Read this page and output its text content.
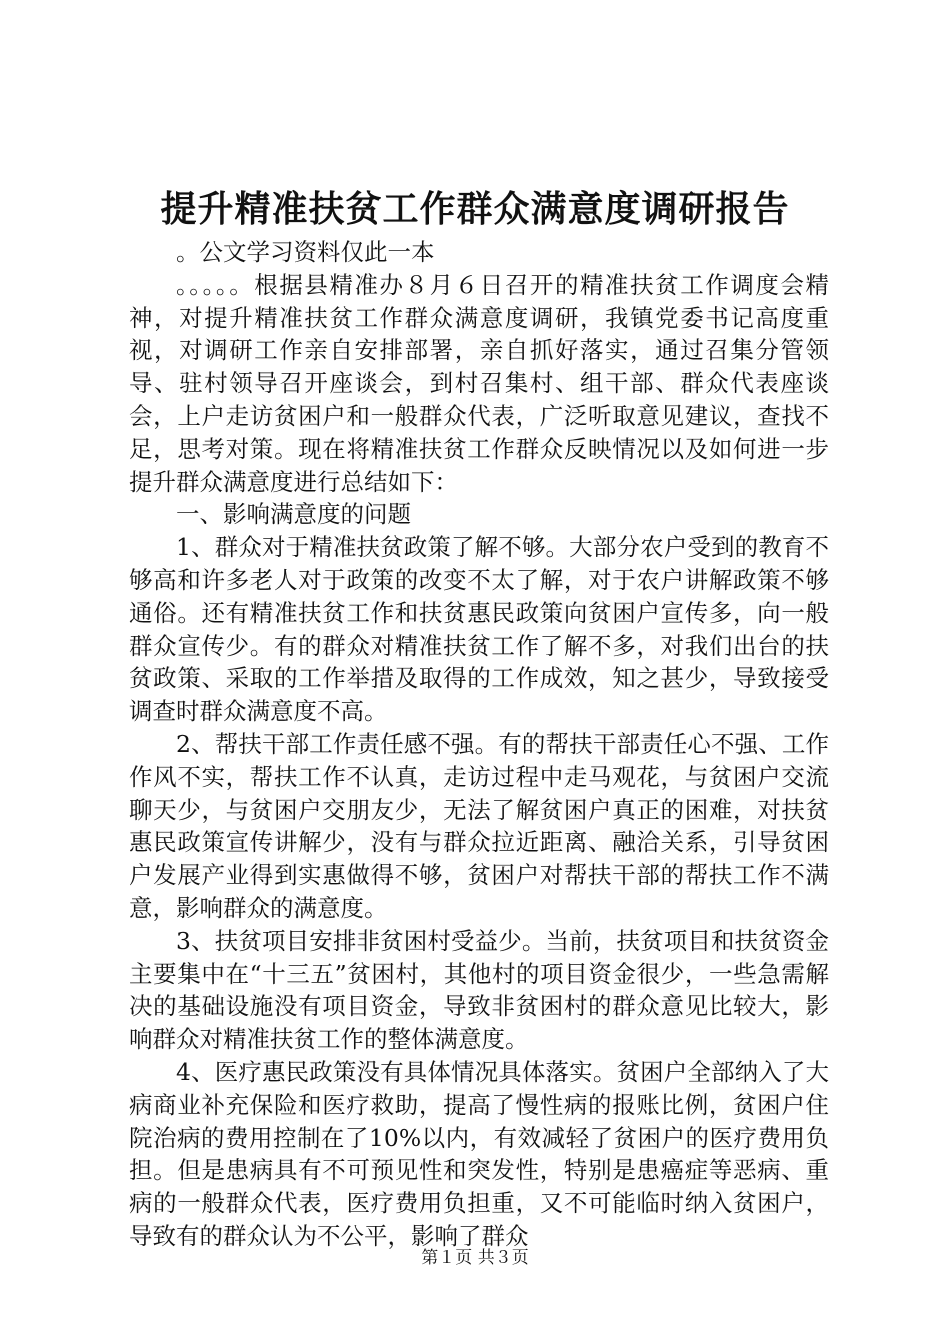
提升精准扶贫工作群众满意度调研报告

。公文学习资料仅此一本

。。。。。根据县精准办８月６日召开的精准扶贫工作调度会精神，对提升精准扶贫工作群众满意度调研，我镇党委书记高度重视，对调研工作亲自安排部署，亲自抓好落实，通过召集分管领导、驻村领导召开座谈会，到村召集村、组干部、群众代表座谈会，上户走访贫困户和一般群众代表，广泛听取意见建议，查找不足，思考对策。现在将精准扶贫工作群众反映情况以及如何进一步提升群众满意度进行总结如下：

一、影响满意度的问题

1、群众对于精准扶贫政策了解不够。大部分农户受到的教育不够高和许多老人对于政策的改变不太了解，对于农户讲解政策不够通俗。还有精准扶贫工作和扶贫惠民政策向贫困户宣传多，向一般群众宣传少。有的群众对精准扶贫工作了解不多，对我们出台的扶贫政策、采取的工作举措及取得的工作成效，知之甚少，导致接受调查时群众满意度不高。

2、帮扶干部工作责任感不强。有的帮扶干部责任心不强、工作作风不实，帮扶工作不认真，走访过程中走马观花，与贫困户交流聊天少，与贫困户交朋友少，无法了解贫困户真正的困难，对扶贫惠民政策宣传讲解少，没有与群众拉近距离、融洽关系，引导贫困户发展产业得到实惠做得不够，贫困户对帮扶干部的帮扶工作不满意，影响群众的满意度。

3、扶贫项目安排非贫困村受益少。当前，扶贫项目和扶贫资金主要集中在“十三五”贫困村，其他村的项目资金很少，一些急需解决的基础设施没有项目资金，导致非贫困村的群众意见比较大，影响群众对精准扶贫工作的整体满意度。

4、医疗惠民政策没有具体情况具体落实。贫困户全部纳入了大病商业补充保险和医疗救助，提高了慢性病的报账比例，贫困户住院治病的费用控制在了10%以内，有效减轻了贫困户的医疗费用负担。但是患病具有不可预见性和突发性，特别是患癌症等恶病、重病的一般群众代表，医疗费用负担重，又不可能临时纳入贫困户，导致有的群众认为不公平，影响了群众

第１页 共３页
